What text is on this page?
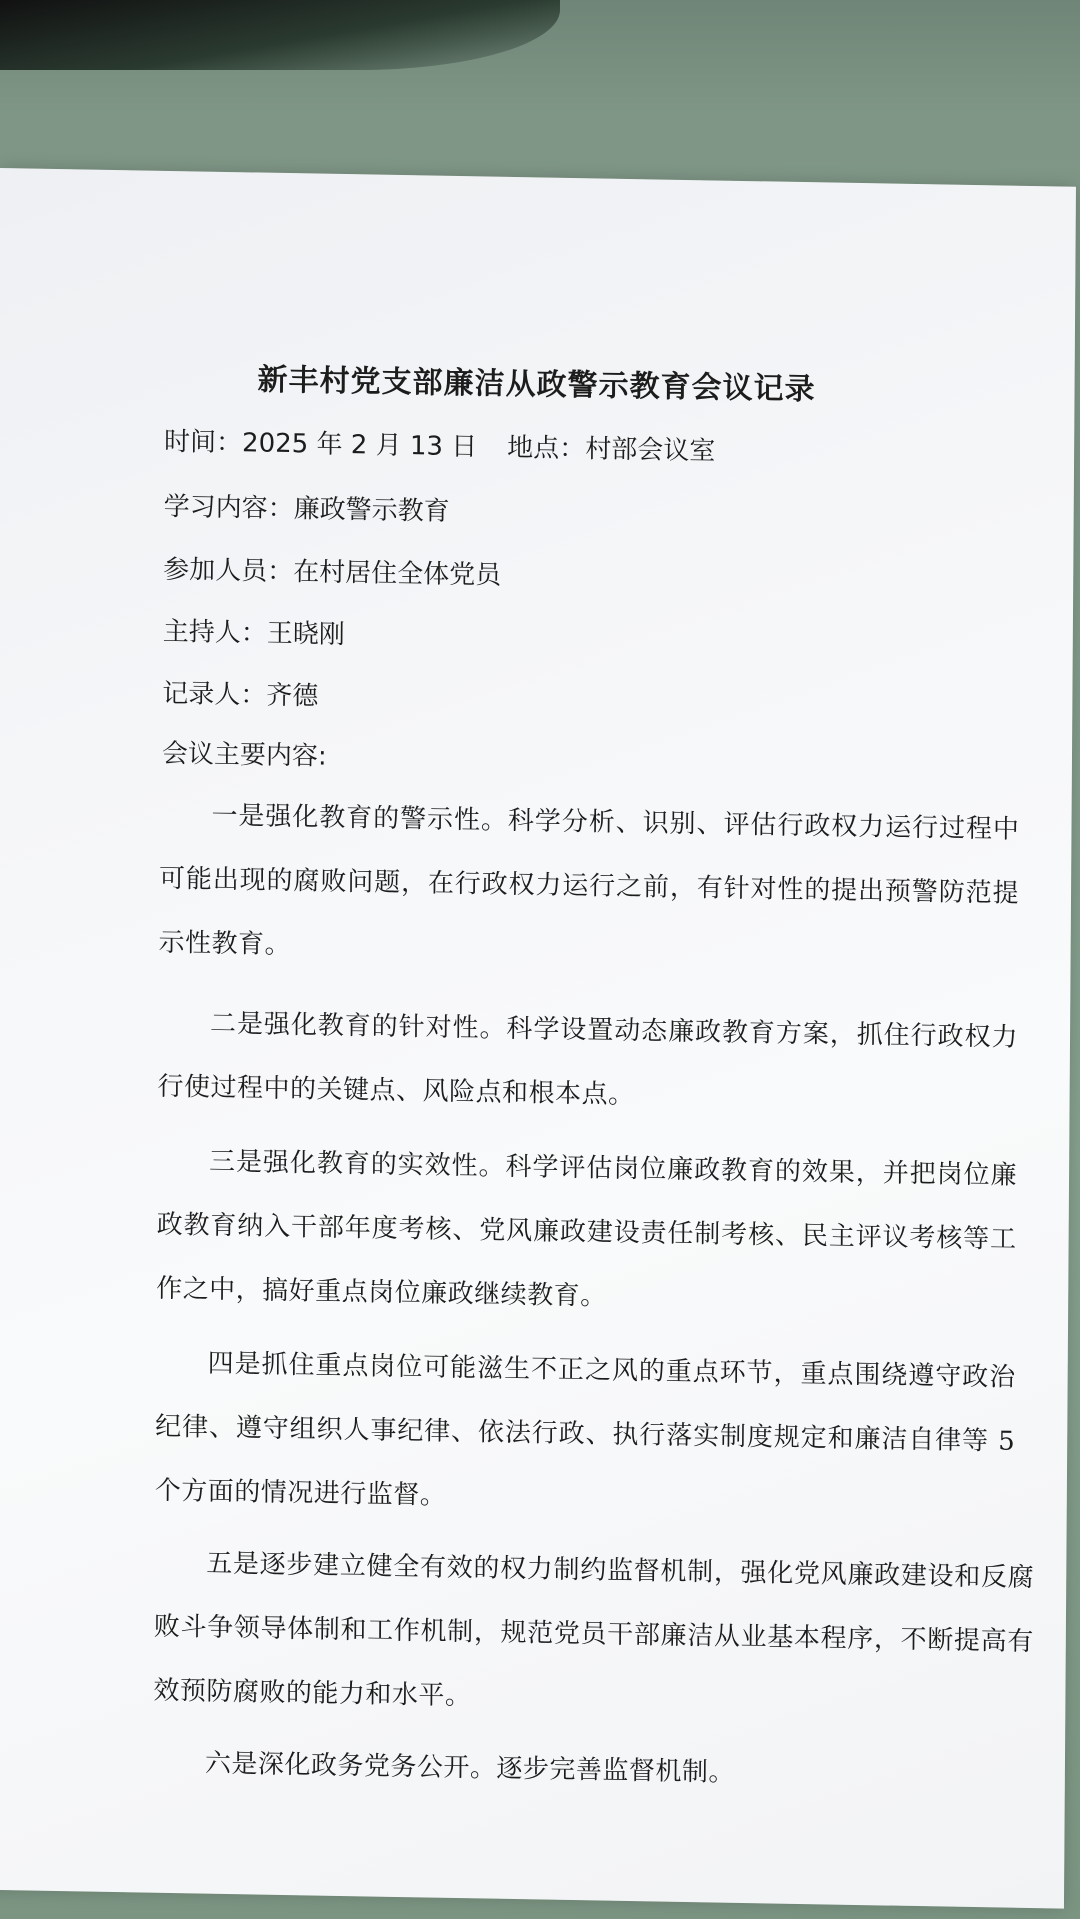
新丰村党支部廉洁从政警示教育会议记录
时间：2025 年 2 月 13 日 地点：村部会议室
学习内容：廉政警示教育
参加人员：在村居住全体党员
主持人：王晓刚
记录人：齐德
会议主要内容:
一是强化教育的警示性。科学分析、识别、评估行政权力运行过程中可能出现的腐败问题，在行政权力运行之前，有针对性的提出预警防范提示性教育。
二是强化教育的针对性。科学设置动态廉政教育方案，抓住行政权力行使过程中的关键点、风险点和根本点。
三是强化教育的实效性。科学评估岗位廉政教育的效果，并把岗位廉政教育纳入干部年度考核、党风廉政建设责任制考核、民主评议考核等工作之中，搞好重点岗位廉政继续教育。
四是抓住重点岗位可能滋生不正之风的重点环节，重点围绕遵守政治纪律、遵守组织人事纪律、依法行政、执行落实制度规定和廉洁自律等 5 个方面的情况进行监督。
五是逐步建立健全有效的权力制约监督机制，强化党风廉政建设和反腐败斗争领导体制和工作机制，规范党员干部廉洁从业基本程序，不断提高有效预防腐败的能力和水平。
六是深化政务党务公开。逐步完善监督机制。
